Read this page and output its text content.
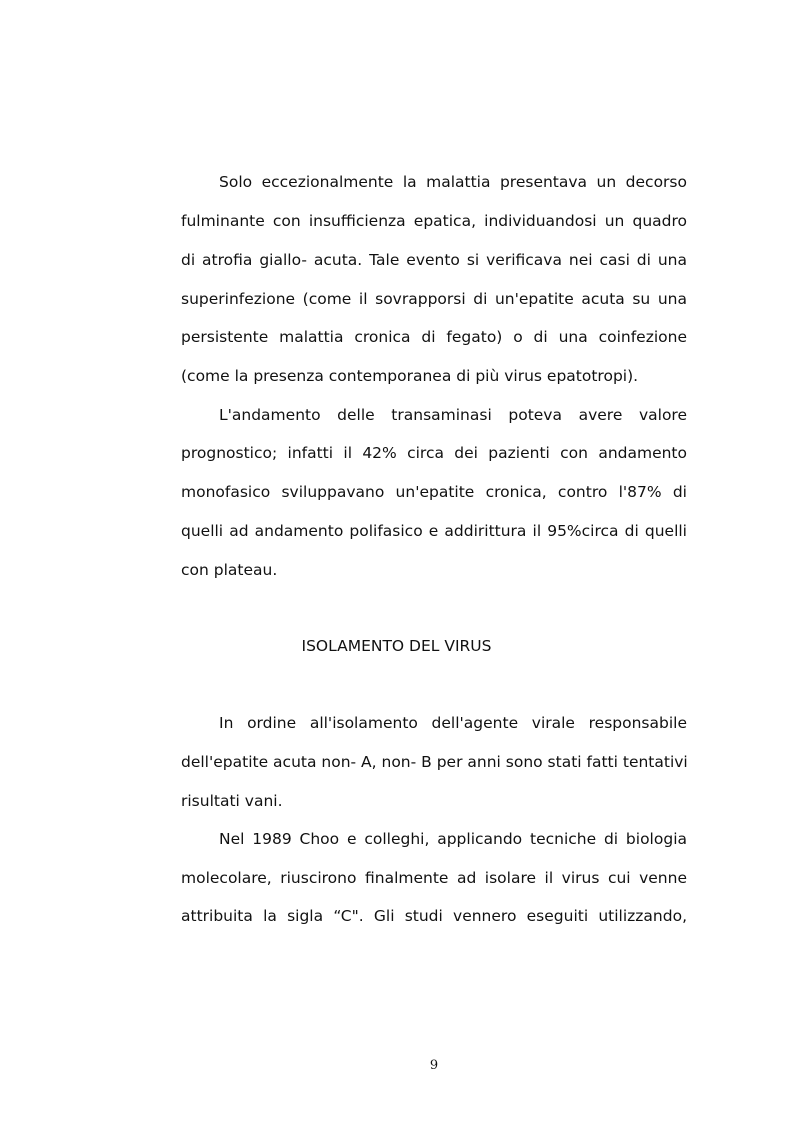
Solo eccezionalmente la malattia presentava un decorso
fulminante con insufficienza epatica, individuandosi un quadro
di atrofia giallo- acuta. Tale evento si verificava nei casi di una
superinfezione (come il sovrapporsi di un'epatite acuta su una
persistente malattia cronica di fegato) o di una coinfezione
(come la presenza contemporanea di più virus epatotropi).
L'andamento delle transaminasi poteva avere valore
prognostico; infatti il 42% circa dei pazienti con andamento
monofasico sviluppavano un'epatite cronica, contro l'87% di
quelli ad andamento polifasico e addirittura il 95%circa di quelli
con plateau.
ISOLAMENTO DEL VIRUS
In ordine all'isolamento dell'agente virale responsabile
dell'epatite acuta non- A, non- B per anni sono stati fatti tentativi
risultati vani.
Nel 1989 Choo e colleghi, applicando tecniche di biologia
molecolare, riuscirono finalmente ad isolare il virus cui venne
attribuita la sigla “C". Gli studi vennero eseguiti utilizzando,
9
